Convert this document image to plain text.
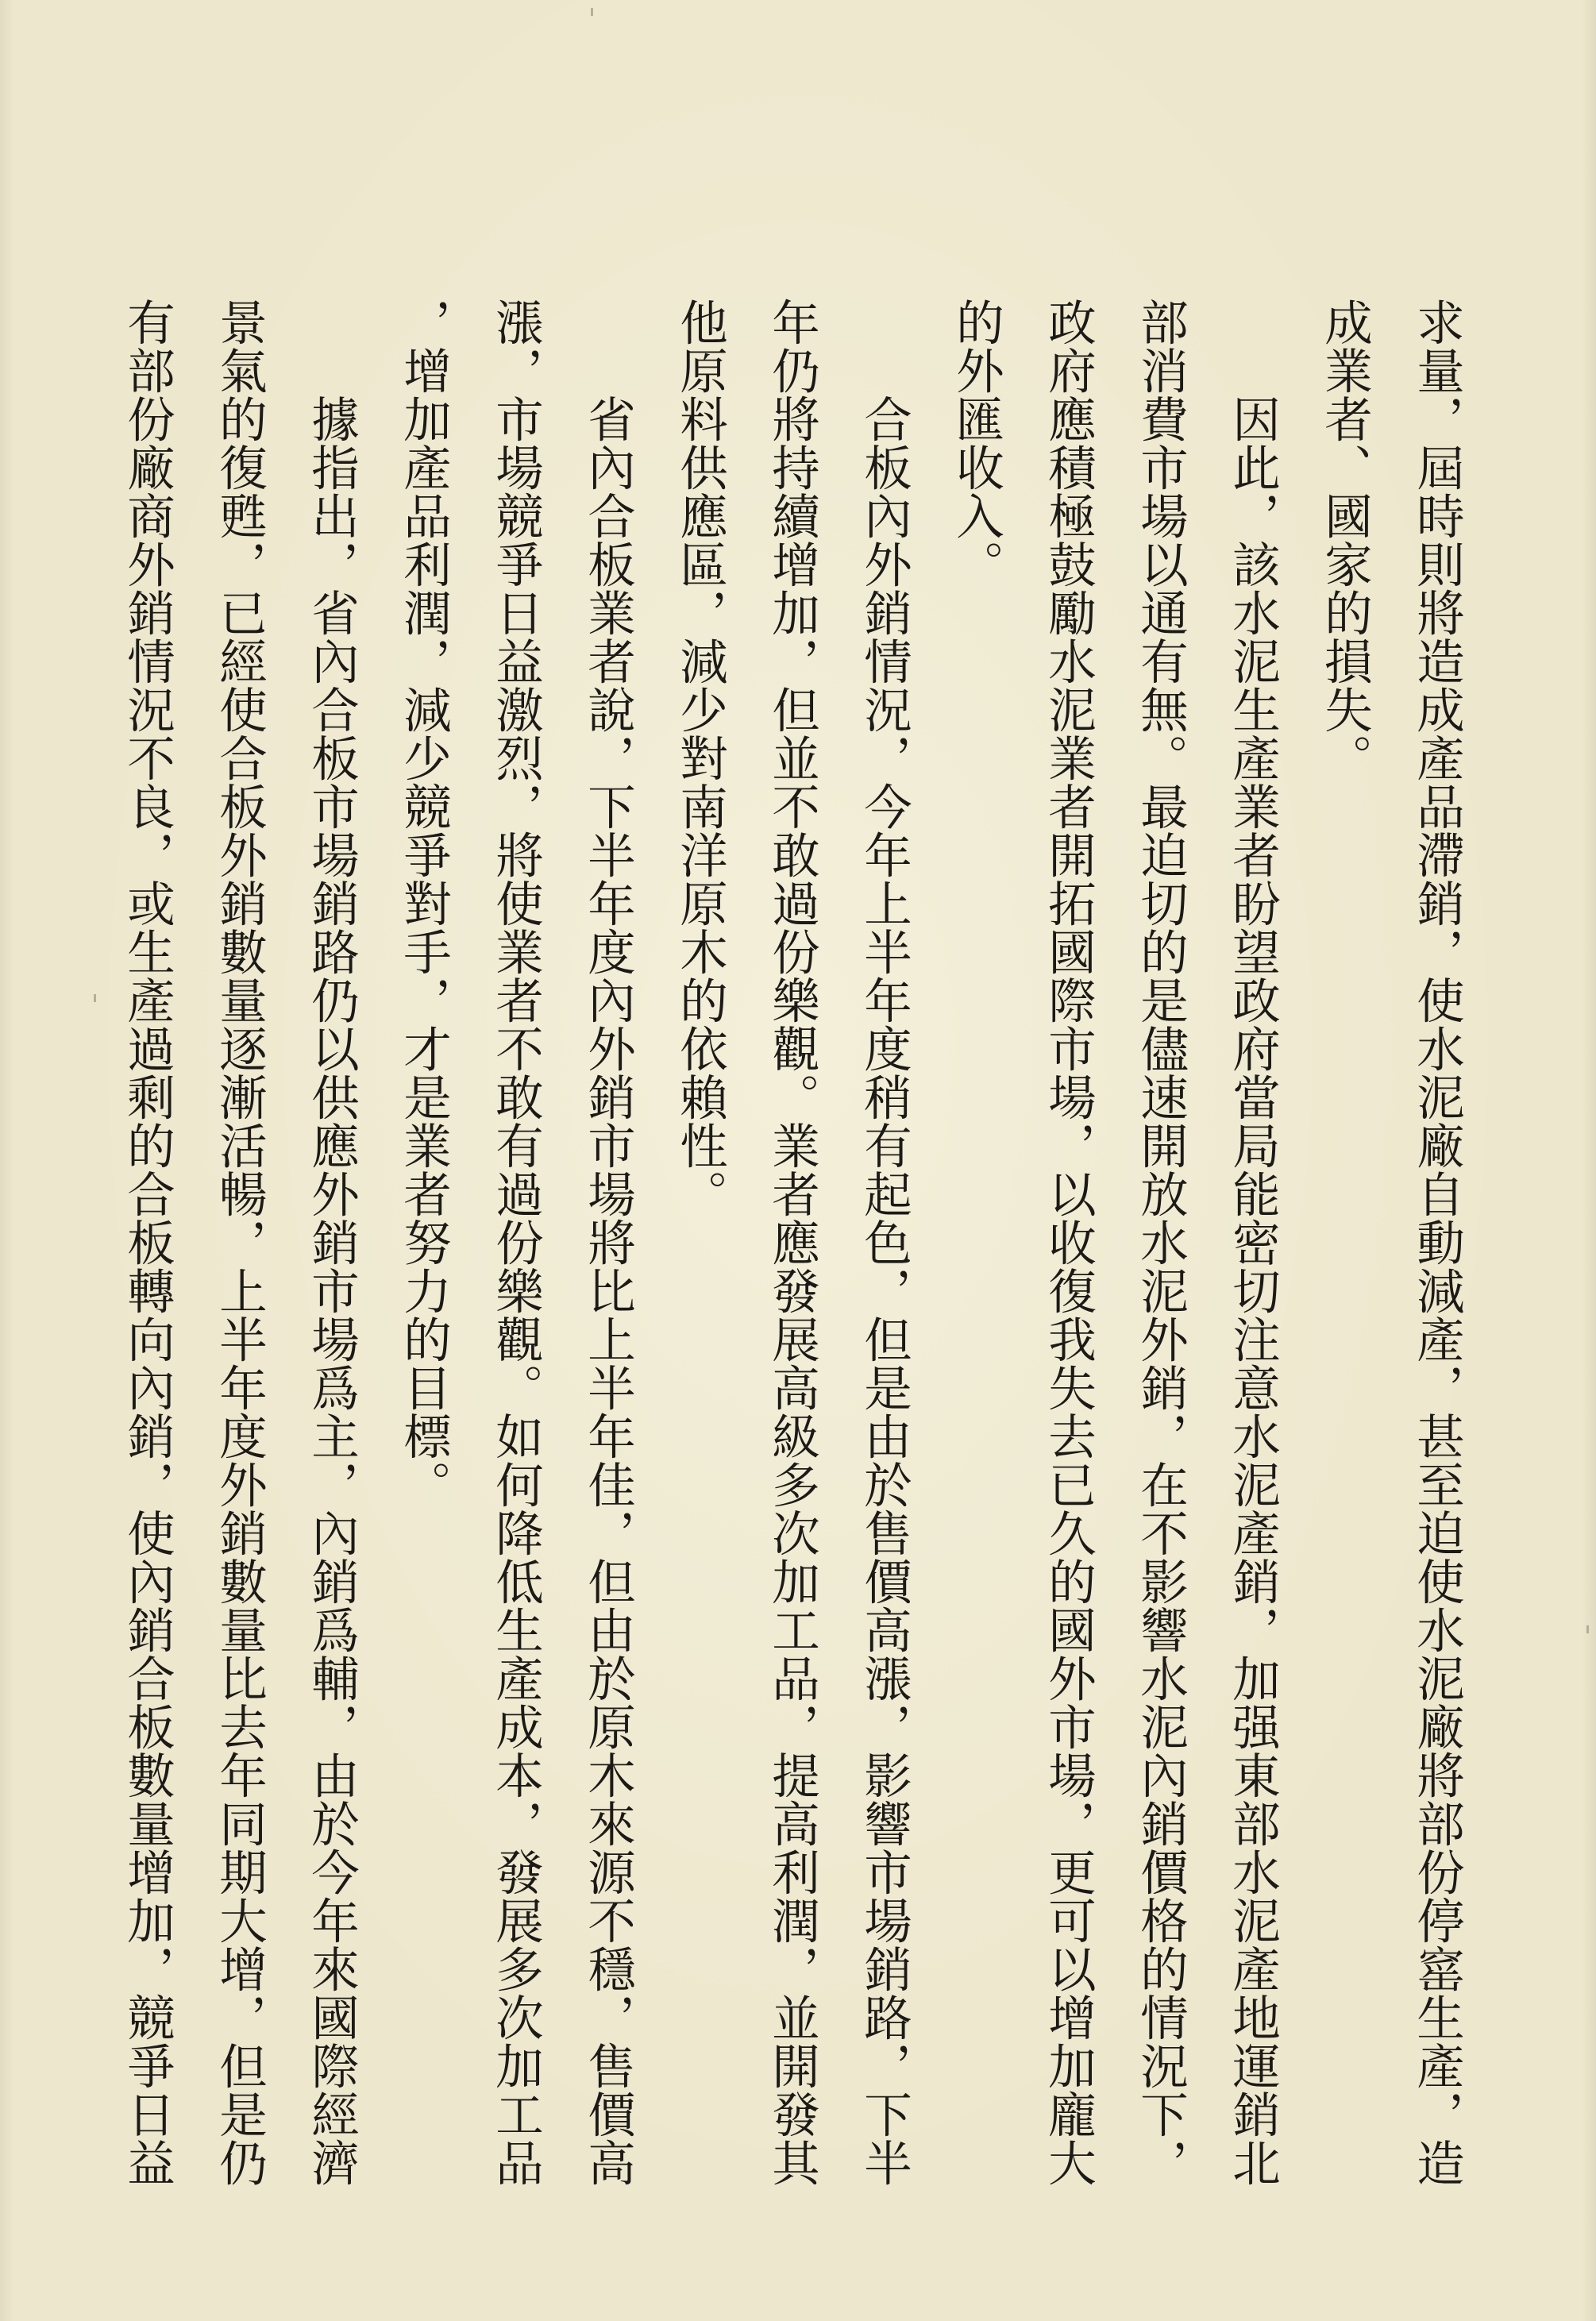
求量，屆時則將造成產品滯銷，使水泥廠自動減產，甚至迫使水泥廠將部份停窰生產，造
成業者、國家的損失。
因此，該水泥生產業者盼望政府當局能密切注意水泥產銷，加强東部水泥產地運銷北
部消費市場以通有無。最迫切的是儘速開放水泥外銷，在不影響水泥內銷價格的情況下，
政府應積極鼓勵水泥業者開拓國際市場，以收復我失去已久的國外市場，更可以增加龐大
的外匯收入。
合板內外銷情況，今年上半年度稍有起色，但是由於售價高漲，影響市場銷路，下半
年仍將持續增加，但並不敢過份樂觀。業者應發展高級多次加工品，提高利潤，並開發其
他原料供應區，減少對南洋原木的依賴性。
省內合板業者說，下半年度內外銷市場將比上半年佳，但由於原木來源不穩，售價高
漲，市場競爭日益激烈，將使業者不敢有過份樂觀。如何降低生產成本，發展多次加工品
，增加產品利潤，減少競爭對手，才是業者努力的目標。
據指出，省內合板市場銷路仍以供應外銷市場爲主，內銷爲輔，由於今年來國際經濟
景氣的復甦，已經使合板外銷數量逐漸活暢，上半年度外銷數量比去年同期大增，但是仍
有部份廠商外銷情況不良，或生產過剩的合板轉向內銷，使內銷合板數量增加，競爭日益
